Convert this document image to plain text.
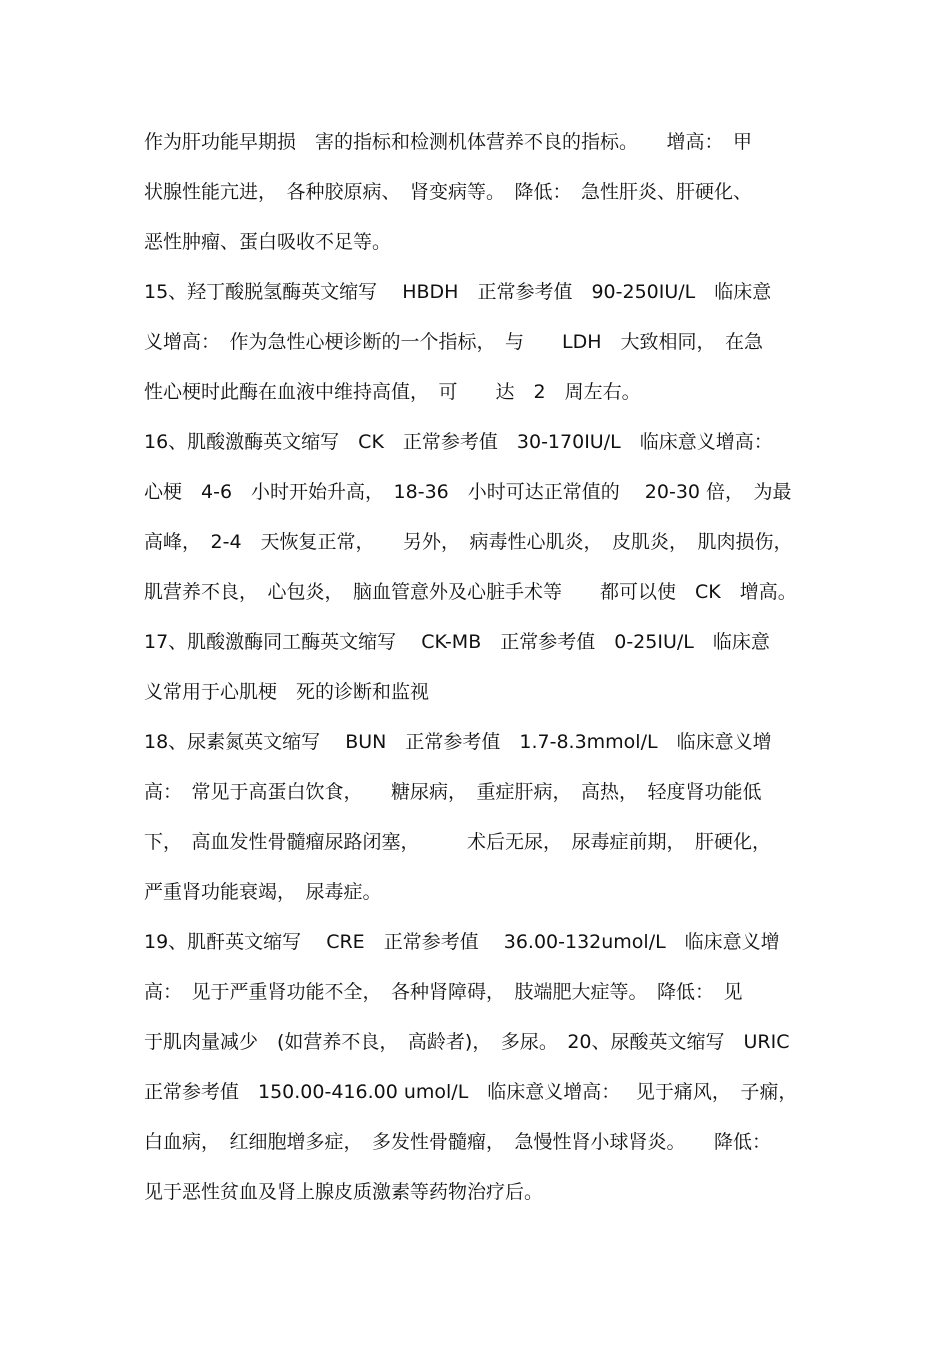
作为肝功能早期损　害的指标和检测机体营养不良的指标。　　增高：　甲
状腺性能亢进，　各种胶原病、　肾变病等。　降低：　急性肝炎、肝硬化、
恶性肿瘤、蛋白吸收不足等。
15、羟丁酸脱氢酶英文缩写　 HBDH　正常参考值　90-250IU/L　临床意
义增高：　作为急性心梗诊断的一个指标，　与　　LDH　大致相同，　在急
性心梗时此酶在血液中维持高值，　可　　达　2　周左右。
16、肌酸激酶英文缩写　CK　正常参考值　30-170IU/L　临床意义增高：
心梗　4-6　小时开始升高，　18-36　小时可达正常值的　 20-30 倍，　为最
高峰，　2-4　天恢复正常，　　另外，　病毒性心肌炎，　皮肌炎，　肌肉损伤，
肌营养不良，　心包炎，　脑血管意外及心脏手术等　　都可以使　CK　增高。
17、肌酸激酶同工酶英文缩写　 CK-MB　正常参考值　0-25IU/L　临床意
义常用于心肌梗　死的诊断和监视
18、尿素氮英文缩写　 BUN　正常参考值　1.7-8.3mmol/L　临床意义增
高：　常见于高蛋白饮食，　　糖尿病，　重症肝病，　高热，　轻度肾功能低
下，　高血发性骨髓瘤尿路闭塞，　　　术后无尿，　尿毒症前期，　肝硬化，
严重肾功能衰竭，　尿毒症。
19、肌酐英文缩写　 CRE　正常参考值　 36.00-132umol/L　临床意义增
高：　见于严重肾功能不全，　各种肾障碍，　肢端肥大症等。　降低：　见
于肌肉量减少　(如营养不良，　高龄者)，　多尿。　20、尿酸英文缩写　URIC
正常参考值　150.00-416.00 umol/L　临床意义增高：　 见于痛风，　子痫，
白血病，　红细胞增多症，　多发性骨髓瘤，　急慢性肾小球肾炎。　　降低：
见于恶性贫血及肾上腺皮质激素等药物治疗后。
